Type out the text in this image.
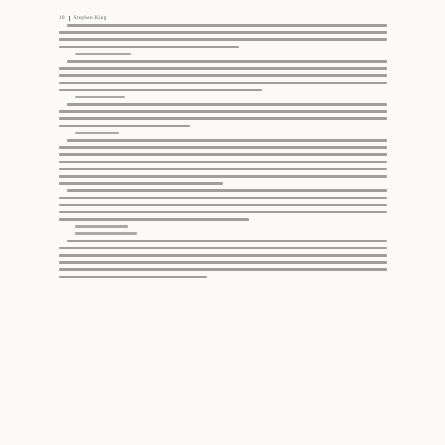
10 Stephen King
